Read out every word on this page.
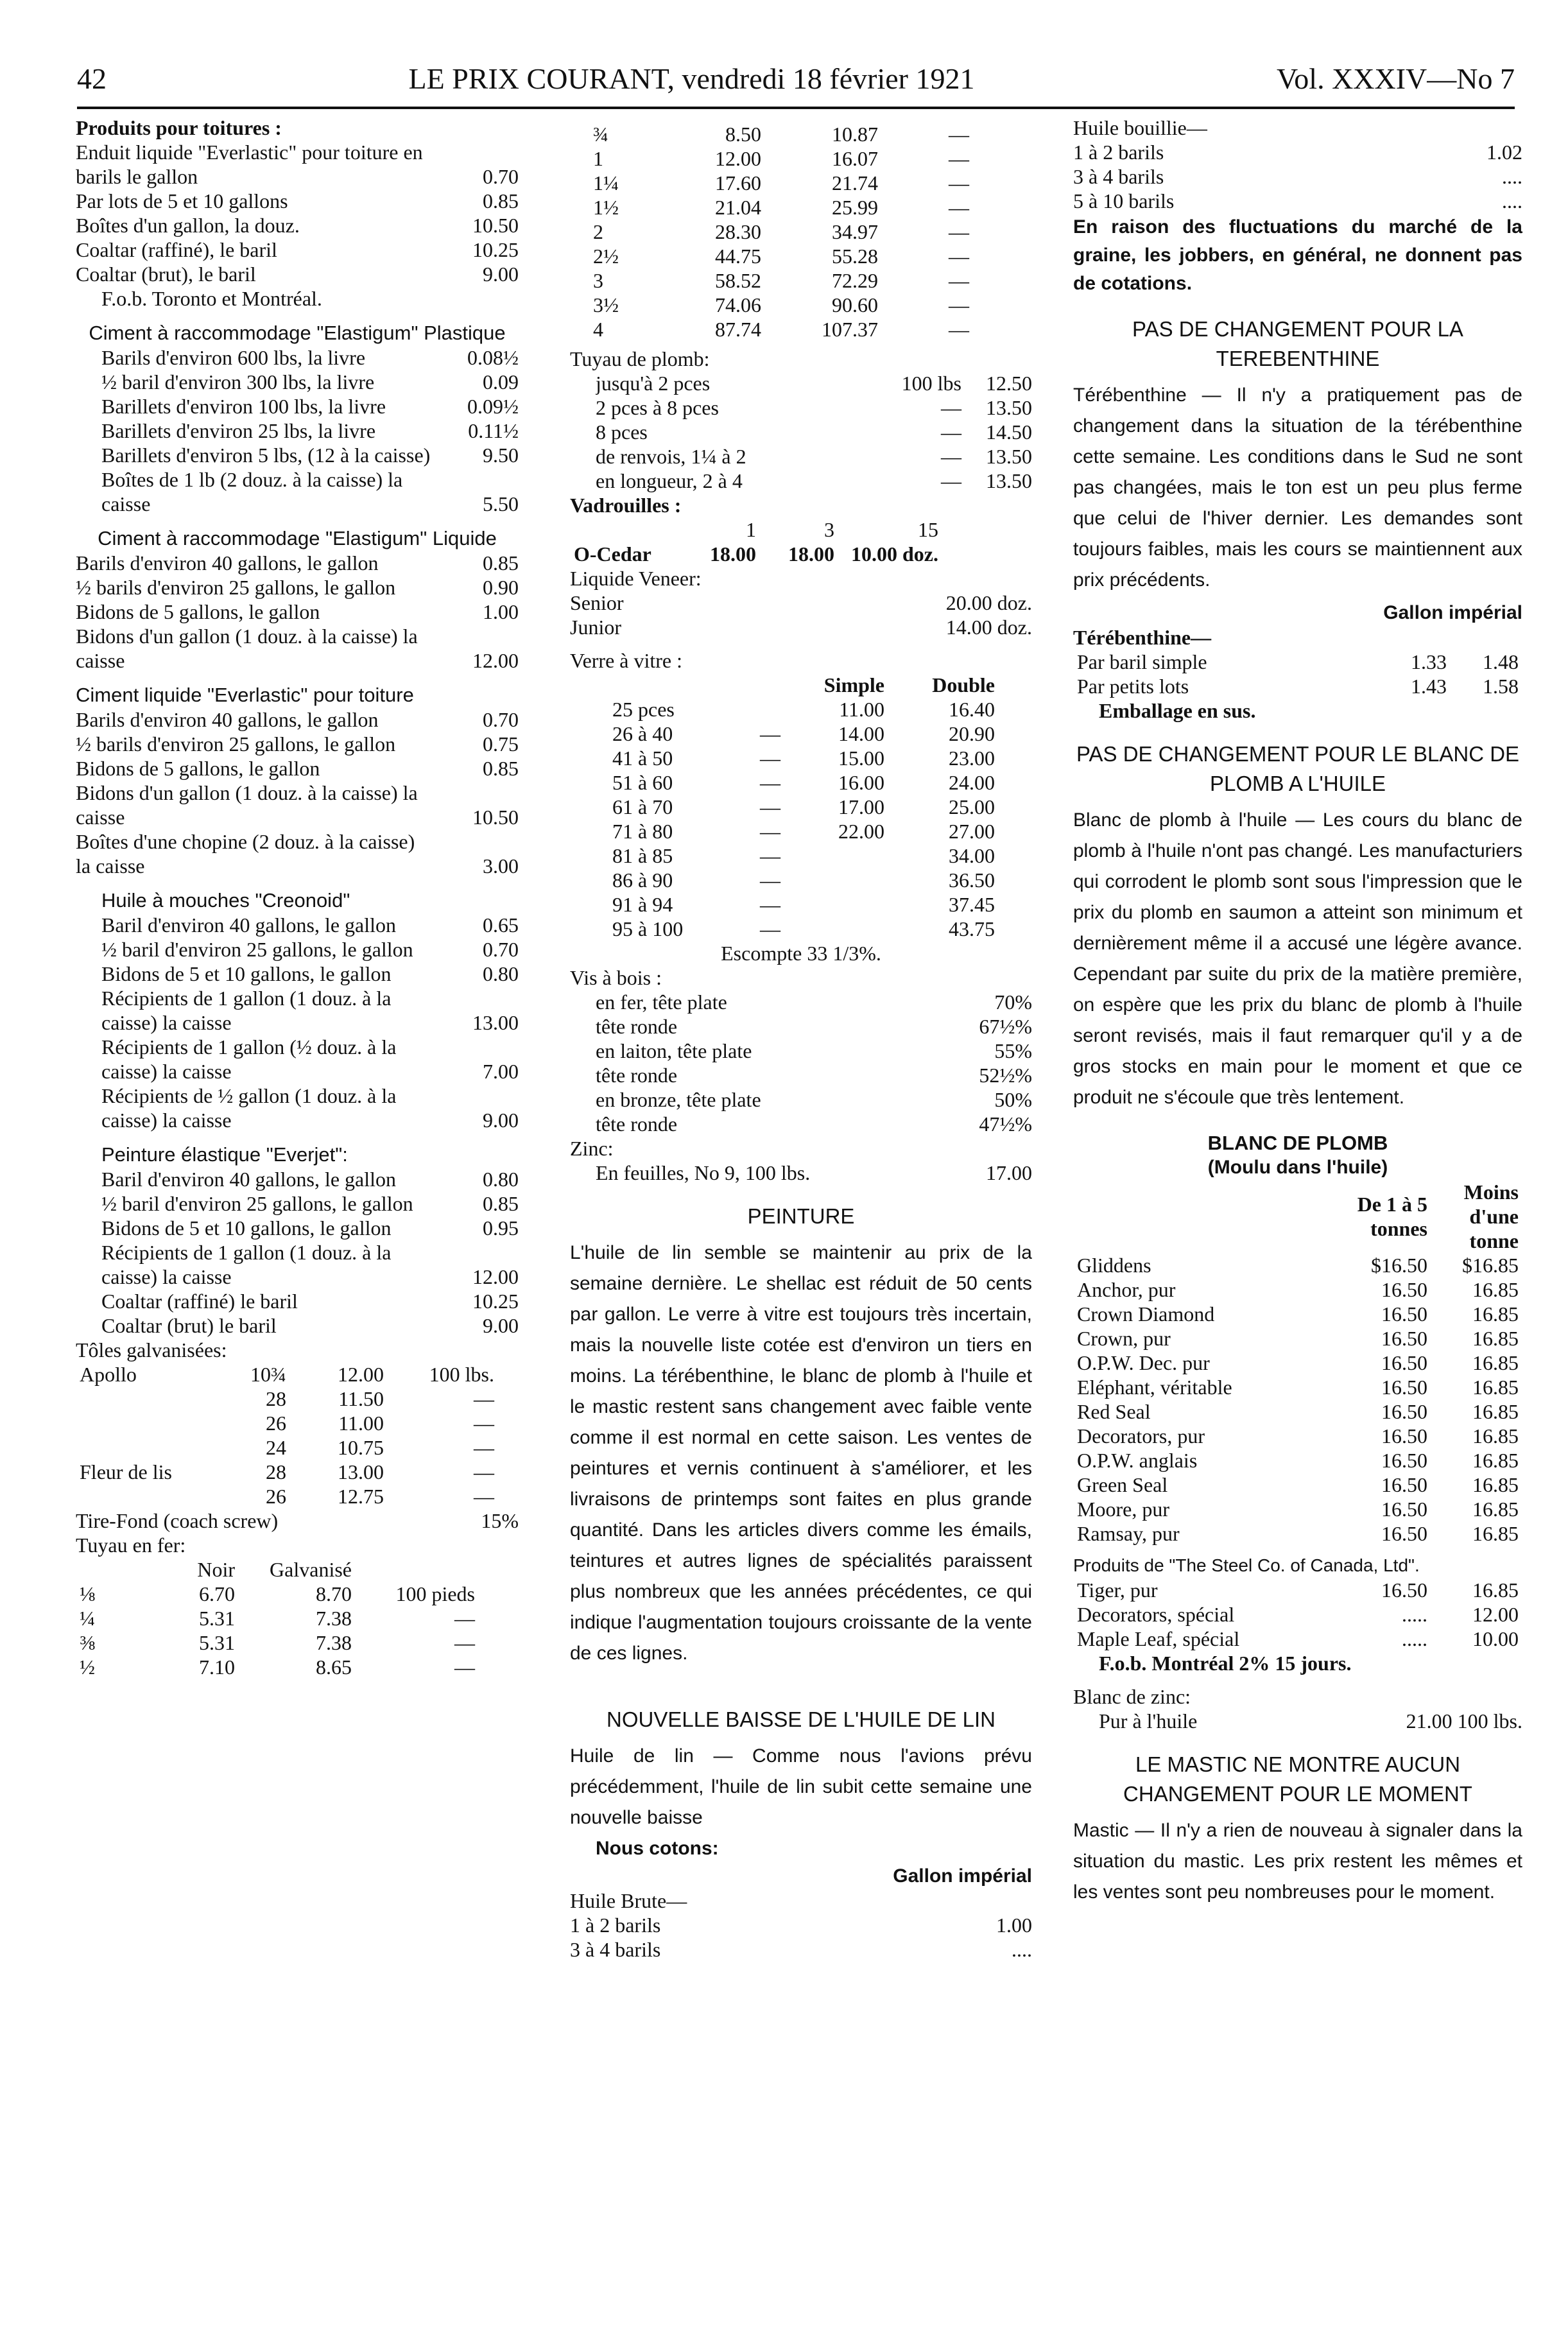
42	LE PRIX COURANT, vendredi 18 février 1921	Vol. XXXIV—No 7
Produits pour toitures :
Enduit liquide "Everlastic" pour toiture en barils le gallon	0.70
Par lots de 5 et 10 gallons	0.85
Boîtes d'un gallon, la douz.	10.50
Coaltar (raffiné), le baril	10.25
Coaltar (brut), le baril	9.00
F.o.b. Toronto et Montréal.
Ciment à raccommodage "Elastigum" Plastique
Barils d'environ 600 lbs, la livre	0.08½
½ baril d'environ 300 lbs, la livre	0.09
Barillets d'environ 100 lbs, la livre	0.09½
Barillets d'environ 25 lbs, la livre	0.11½
Barillets d'environ 5 lbs, (12 à la caisse)	9.50
Boîtes de 1 lb (2 douz. à la caisse) la caisse	5.50
Ciment à raccommodage "Elastigum" Liquide
Barils d'environ 40 gallons, le gallon	0.85
½ barils d'environ 25 gallons, le gallon	0.90
Bidons de 5 gallons, le gallon	1.00
Bidons d'un gallon (1 douz. à la caisse) la caisse	12.00
Ciment liquide "Everlastic" pour toiture
Barils d'environ 40 gallons, le gallon	0.70
½ barils d'environ 25 gallons, le gallon	0.75
Bidons de 5 gallons, le gallon	0.85
Bidons d'un gallon (1 douz. à la caisse) la caisse	10.50
Boîtes d'une chopine (2 douz. à la caisse) la caisse	3.00
Huile à mouches "Creonoid"
Baril d'environ 40 gallons, le gallon	0.65
½ baril d'environ 25 gallons, le gallon	0.70
Bidons de 5 et 10 gallons, le gallon	0.80
Récipients de 1 gallon (1 douz. à la caisse) la caisse	13.00
Récipients de 1 gallon (½ douz. à la caisse) la caisse	7.00
Récipients de ½ gallon (1 douz. à la caisse) la caisse	9.00
Peinture élastique "Everjet":
Baril d'environ 40 gallons, le gallon	0.80
½ baril d'environ 25 gallons, le gallon	0.85
Bidons de 5 et 10 gallons, le gallon	0.95
Récipients de 1 gallon (1 douz. à la caisse) la caisse	12.00
Coaltar (raffiné) le baril	10.25
Coaltar (brut) le baril	9.00
Tôles galvanisées:
Apollo	10¾	12.00	100 lbs.
	28	11.50	—
	26	11.00	—
	24	10.75	—
Fleur de lis	28	13.00	—
	26	12.75	—
Tire-Fond (coach screw)	15%
Tuyau en fer:
	Noir	Galvanisé	
⅛	6.70	8.70	100 pieds
¼	5.31	7.38	—
⅜	5.31	7.38	—
½	7.10	8.65	—
¾	8.50	10.87	—
1	12.00	16.07	—
1¼	17.60	21.74	—
1½	21.04	25.99	—
2	28.30	34.97	—
2½	44.75	55.28	—
3	58.52	72.29	—
3½	74.06	90.60	—
4	87.74	107.37	—
Tuyau de plomb:
jusqu'à 2 pces	100 lbs 12.50
2 pces à 8 pces	— 13.50
8 pces	— 14.50
de renvois, 1¼ à 2	— 13.50
en longueur, 2 à 4	— 13.50
Vadrouilles :
	1	3	15
O-Cedar	18.00	18.00	10.00 doz.
Liquide Veneer:
Senior	20.00 doz.
Junior	14.00 doz.
Verre à vitre :
		Simple	Double
25 pces		11.00	16.40
26 à 40	—	14.00	20.90
41 à 50	—	15.00	23.00
51 à 60	—	16.00	24.00
61 à 70	—	17.00	25.00
71 à 80	—	22.00	27.00
81 à 85	—		34.00
86 à 90	—		36.50
91 à 94	—		37.45
95 à 100	—		43.75
Escompte 33 1/3%.
Vis à bois :
en fer, tête plate	70%
tête ronde	67½%
en laiton, tête plate	55%
tête ronde	52½%
en bronze, tête plate	50%
tête ronde	47½%
Zinc:
En feuilles, No 9, 100 lbs.	17.00
PEINTURE
L'huile de lin semble se maintenir au prix de la semaine dernière. Le shellac est réduit de 50 cents par gallon. Le verre à vitre est toujours très incertain, mais la nouvelle liste cotée est d'environ un tiers en moins. La térébenthine, le blanc de plomb à l'huile et le mastic restent sans changement avec faible vente comme il est normal en cette saison. Les ventes de peintures et vernis continuent à s'améliorer, et les livraisons de printemps sont faites en plus grande quantité. Dans les articles divers comme les émails, teintures et autres lignes de spécialités paraissent plus nombreux que les années précédentes, ce qui indique l'augmentation toujours croissante de la vente de ces lignes.
NOUVELLE BAISSE DE L'HUILE DE LIN
Huile de lin — Comme nous l'avions prévu précédemment, l'huile de lin subit cette semaine une nouvelle baisse
Nous cotons:
Gallon impérial
Huile Brute—
1 à 2 barils	1.00
3 à 4 barils	....
Huile bouillie—
1 à 2 barils	1.02
3 à 4 barils	....
5 à 10 barils	....
En raison des fluctuations du marché de la graine, les jobbers, en général, ne donnent pas de cotations.
PAS DE CHANGEMENT POUR LA TEREBENTHINE
Térébenthine — Il n'y a pratiquement pas de changement dans la situation de la térébenthine cette semaine. Les conditions dans le Sud ne sont pas changées, mais le ton est un peu plus ferme que celui de l'hiver dernier. Les demandes sont toujours faibles, mais les cours se maintiennent aux prix précédents.
Gallon impérial
Térébenthine—
Par baril simple	1.33	1.48
Par petits lots	1.43	1.58
Emballage en sus.
PAS DE CHANGEMENT POUR LE BLANC DE PLOMB A L'HUILE
Blanc de plomb à l'huile — Les cours du blanc de plomb à l'huile n'ont pas changé. Les manufacturiers qui corrodent le plomb sont sous l'impression que le prix du plomb en saumon a atteint son minimum et dernièrement même il a accusé une légère avance. Cependant par suite du prix de la matière première, on espère que les prix du blanc de plomb à l'huile seront revisés, mais il faut remarquer qu'il y a de gros stocks en main pour le moment et que ce produit ne s'écoule que très lentement.
BLANC DE PLOMB
(Moulu dans l'huile)
	De 1 à 5 tonnes	Moins d'une tonne
Gliddens	$16.50	$16.85
Anchor, pur	16.50	16.85
Crown Diamond	16.50	16.85
Crown, pur	16.50	16.85
O.P.W. Dec. pur	16.50	16.85
Eléphant, véritable	16.50	16.85
Red Seal	16.50	16.85
Decorators, pur	16.50	16.85
O.P.W. anglais	16.50	16.85
Green Seal	16.50	16.85
Moore, pur	16.50	16.85
Ramsay, pur	16.50	16.85
Produits de "The Steel Co. of Canada, Ltd".
Tiger, pur	16.50	16.85
Decorators, spécial	.....	12.00
Maple Leaf, spécial	.....	10.00
F.o.b. Montréal 2% 15 jours.
Blanc de zinc:
Pur à l'huile	21.00 100 lbs.
LE MASTIC NE MONTRE AUCUN CHANGEMENT POUR LE MOMENT
Mastic — Il n'y a rien de nouveau à signaler dans la situation du mastic. Les prix restent les mêmes et les ventes sont peu nombreuses pour le moment.
